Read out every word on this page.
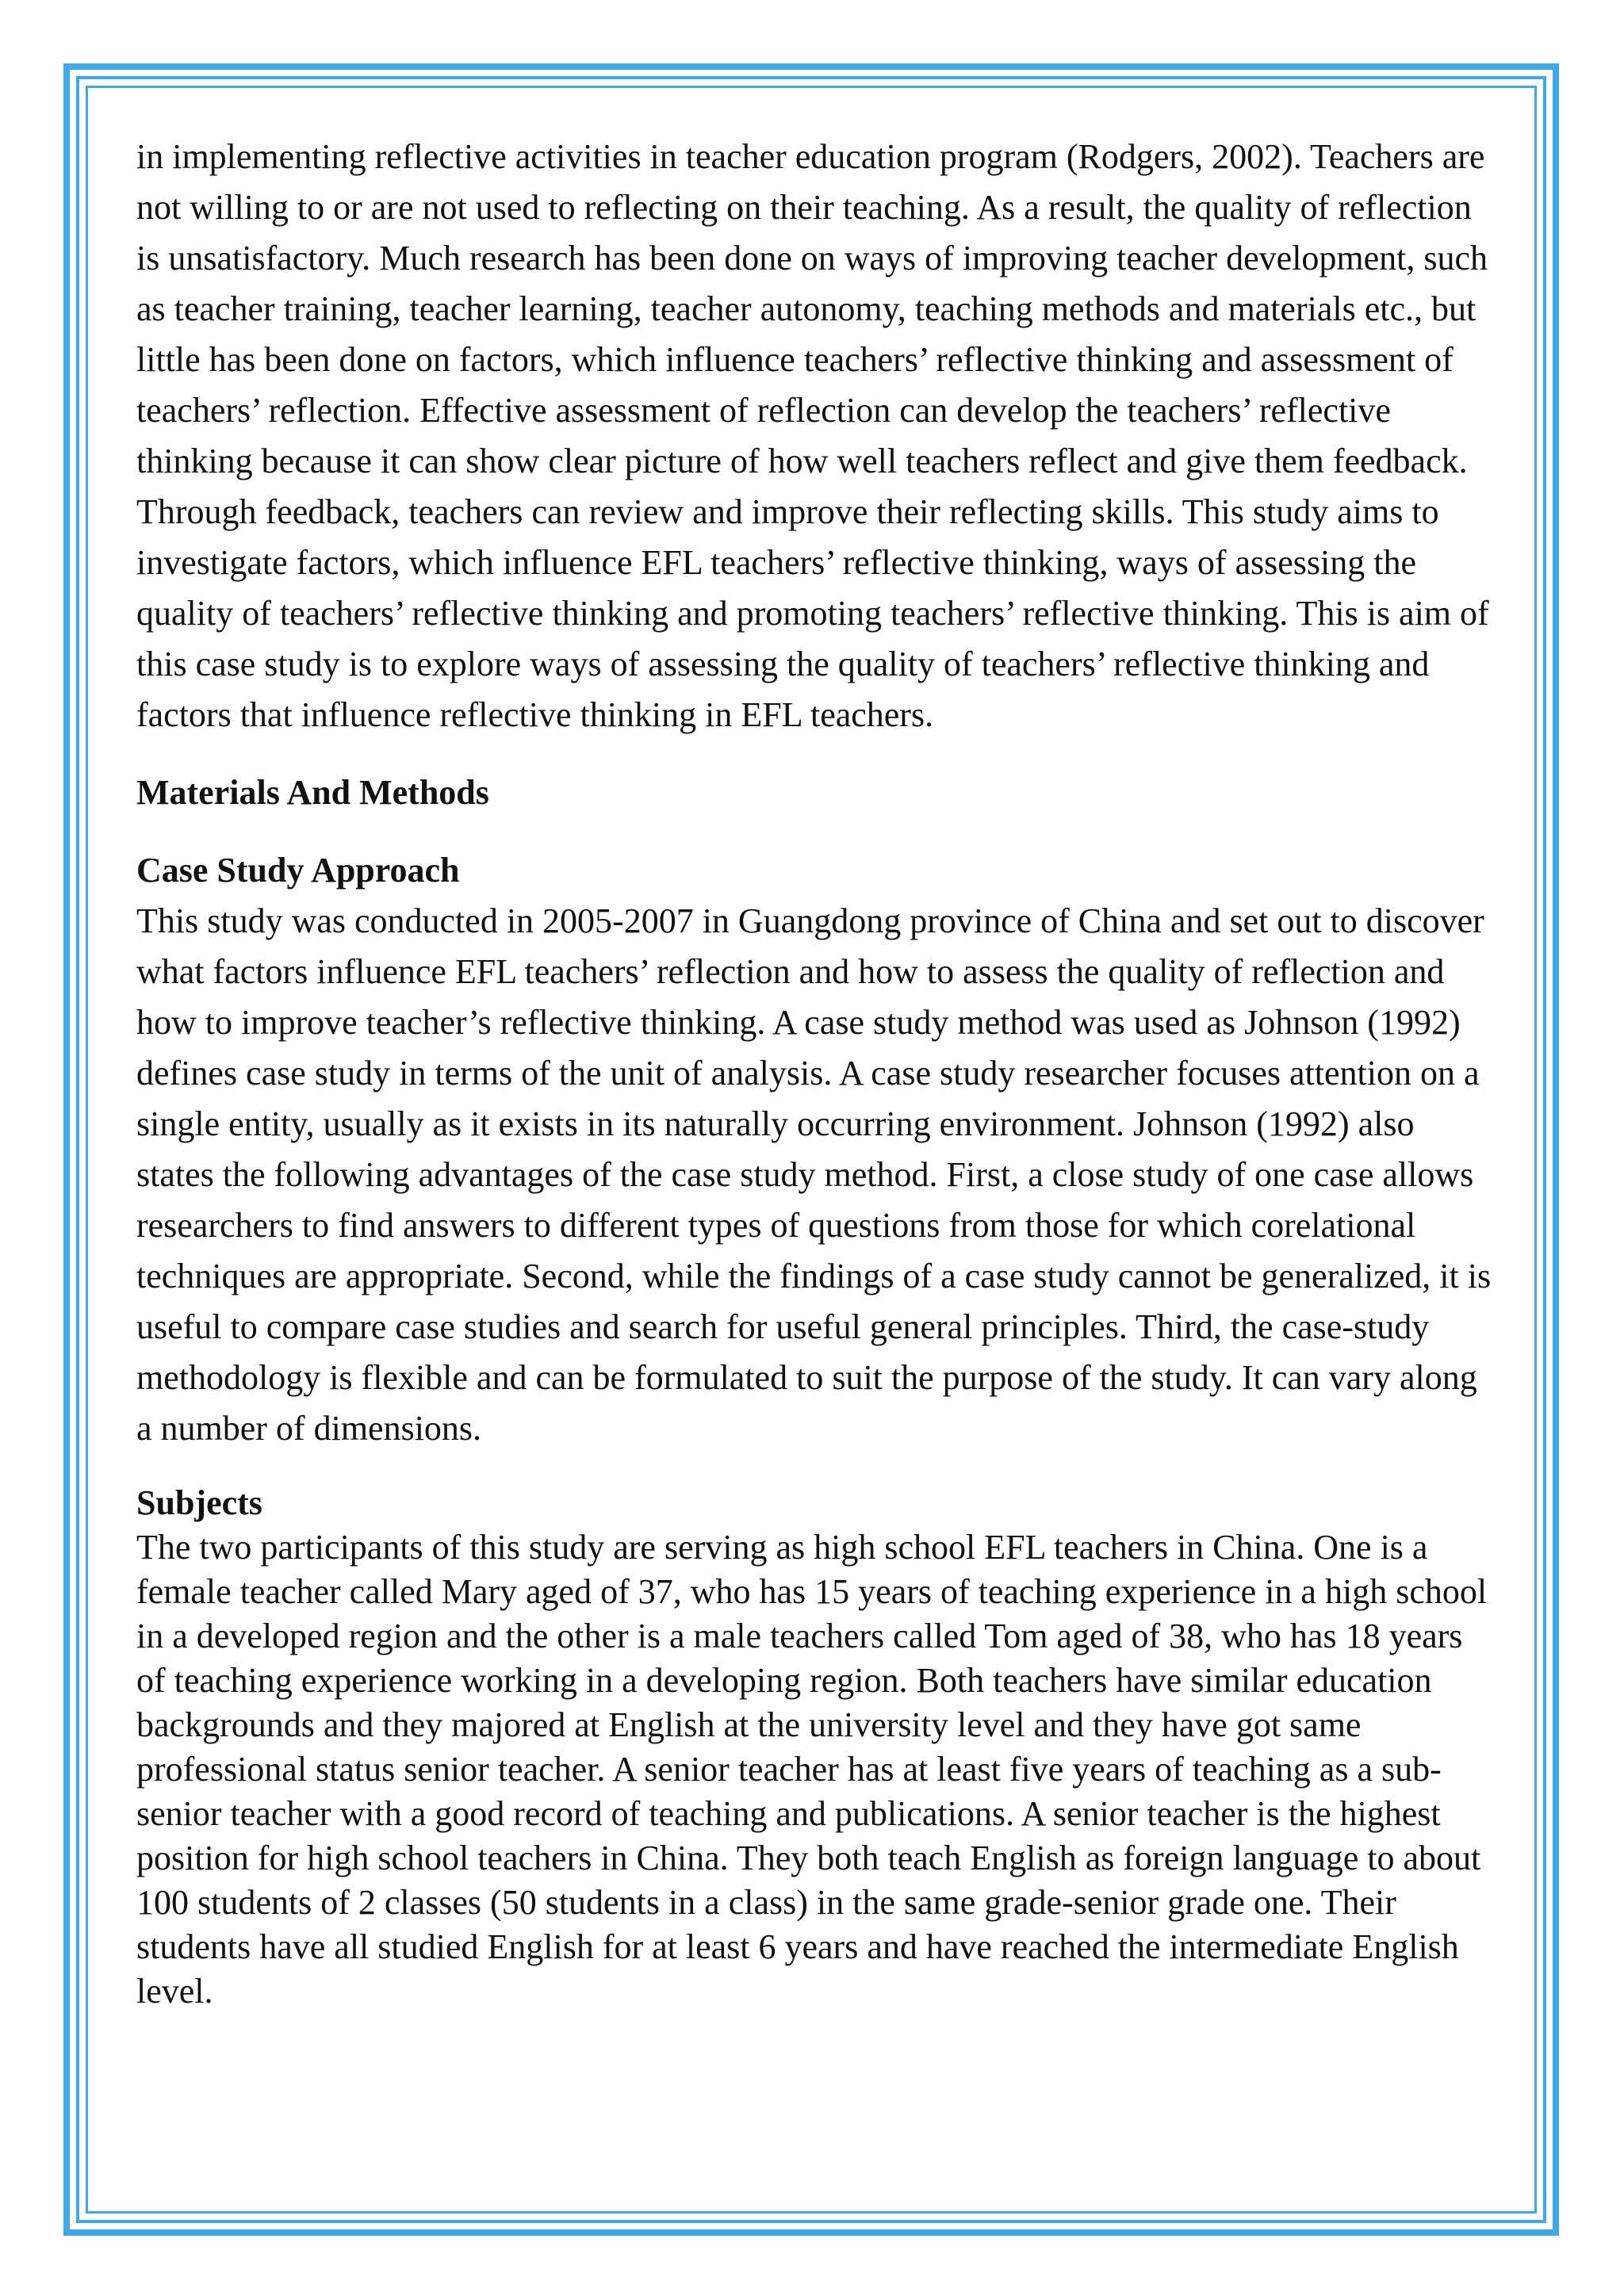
in implementing reflective activities in teacher education program (Rodgers, 2002). Teachers are not willing to or are not used to reflecting on their teaching. As a result, the quality of reflection is unsatisfactory. Much research has been done on ways of improving teacher development, such as teacher training, teacher learning, teacher autonomy, teaching methods and materials etc., but little has been done on factors, which influence teachers’ reflective thinking and assessment of teachers’ reflection. Effective assessment of reflection can develop the teachers’ reflective thinking because it can show clear picture of how well teachers reflect and give them feedback. Through feedback, teachers can review and improve their reflecting skills. This study aims to investigate factors, which influence EFL teachers’ reflective thinking, ways of assessing the quality of teachers’ reflective thinking and promoting teachers’ reflective thinking. This is aim of this case study is to explore ways of assessing the quality of teachers’ reflective thinking and factors that influence reflective thinking in EFL teachers.

Materials And Methods
Case Study Approach

This study was conducted in 2005-2007 in Guangdong province of China and set out to discover what factors influence EFL teachers’ reflection and how to assess the quality of reflection and how to improve teacher’s reflective thinking. A case study method was used as Johnson (1992) defines case study in terms of the unit of analysis. A case study researcher focuses attention on a single entity, usually as it exists in its naturally occurring environment. Johnson (1992) also states the following advantages of the case study method. First, a close study of one case allows researchers to find answers to different types of questions from those for which corelational techniques are appropriate. Second, while the findings of a case study cannot be generalized, it is useful to compare case studies and search for useful general principles. Third, the case-study methodology is flexible and can be formulated to suit the purpose of the study. It can vary along a number of dimensions.

Subjects

The two participants of this study are serving as high school EFL teachers in China. One is a female teacher called Mary aged of 37, who has 15 years of teaching experience in a high school in a developed region and the other is a male teachers called Tom aged of 38, who has 18 years of teaching experience working in a developing region. Both teachers have similar education backgrounds and they majored at English at the university level and they have got same professional status senior teacher. A senior teacher has at least five years of teaching as a sub-senior teacher with a good record of teaching and publications. A senior teacher is the highest position for high school teachers in China. They both teach English as foreign language to about 100 students of 2 classes (50 students in a class) in the same grade-senior grade one. Their students have all studied English for at least 6 years and have reached the intermediate English level.
